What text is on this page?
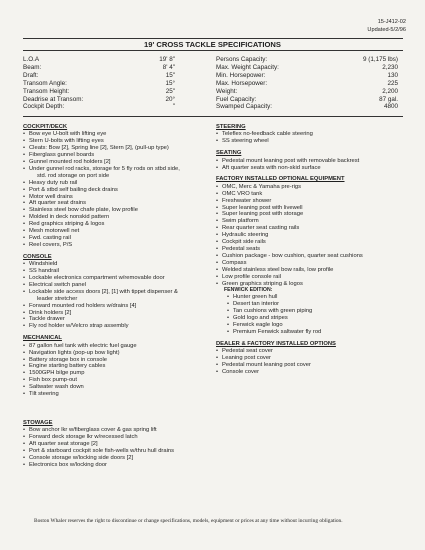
15-J412-02
Updated-5/2/96
19' CROSS TACKLE SPECIFICATIONS
L.O.A	19' 8"
Beam:	8' 4"
Draft:	15"
Transom Angle:	15°
Transom Height:	25"
Deadrise at Transom:	20°
Cockpit Depth:	"
Persons Capacity:	9 (1,175 lbs)
Max. Weight Capacity:	2,230
Min. Horsepower:	130
Max. Horsepower:	225
Weight:	2,200
Fuel Capacity:	87 gal.
Swamped Capacity:	4800
COCKPIT/DECK
• Bow eye U-bolt with lifting eye
• Stern U-bolts with lifting eyes
• Cleats: Bow [2], Spring line [2], Stern [2], (pull-up type)
• Fiberglass gunnel boards
• Gunnel mounted rod holders [2]
• Under gunnel rod racks, storage for 5 fly rods on stbd side,
std. rod storage on port side
• Heavy duty rub rail
• Port & stbd self bailing deck drains
• Motor well drains
• Aft quarter seat drains
• Stainless steel bow chafe plate, low profile
• Molded in deck nonskid pattern
• Red graphics striping & logos
• Mesh motorwell net
• Fwd. casting rail
• Reel covers, P/S
CONSOLE
• Windshield
• SS handrail
• Lockable electronics compartment w/removable door
• Electrical switch panel
• Lockable side access doors [2], [1] with tippet dispenser &
leader stretcher
• Forward mounted rod holders w/drains [4]
• Drink holders [2]
• Tackle drawer
• Fly rod holder w/Velcro strap assembly
MECHANICAL
• 87 gallon fuel tank with electric fuel gauge
• Navigation lights (pop-up bow light)
• Battery storage box in console
• Engine starting battery cables
• 1500GPH bilge pump
• Fish box pump-out
• Saltwater wash down
• Tilt steering
STOWAGE
• Bow anchor lkr w/fiberglass cover & gas spring lift
• Forward deck storage lkr w/recessed latch
• Aft quarter seat storage [2]
• Port & starboard cockpit sole fish-wells w/thru hull drains
• Console storage w/locking side doors [2]
• Electronics box w/locking door
STEERING
• Teleflex no-feedback cable steering
• SS steering wheel
SEATING
• Pedestal mount leaning post with removable backrest
• Aft quarter seats with non-skid surface
FACTORY INSTALLED OPTIONAL EQUIPMENT
• OMC, Merc & Yamaha pre-rigs
• OMC VRO tank
• Freshwater shower
• Super leaning post with livewell
• Super leaning post with storage
• Swim platform
• Rear quarter seat casting rails
• Hydraulic steering
• Cockpit side rails
• Pedestal seats
• Cushion package - bow cushion, quarter seat cushions
• Compass
• Welded stainless steel bow rails, low profile
• Low profile console rail
• Green graphics striping & logos
FENWICK EDITION:
• Hunter green hull
• Desert tan interior
• Tan cushions with green piping
• Gold logo and stripes
• Fenwick eagle logo
• Premium Fenwick saltwater fly rod
DEALER & FACTORY INSTALLED OPTIONS
• Pedestal seat cover
• Leaning post cover
• Pedestal mount leaning post cover
• Console cover
Boston Whaler reserves the right to discontinue or change specifications, models, equipment or prices at any time without incurring obligation.
